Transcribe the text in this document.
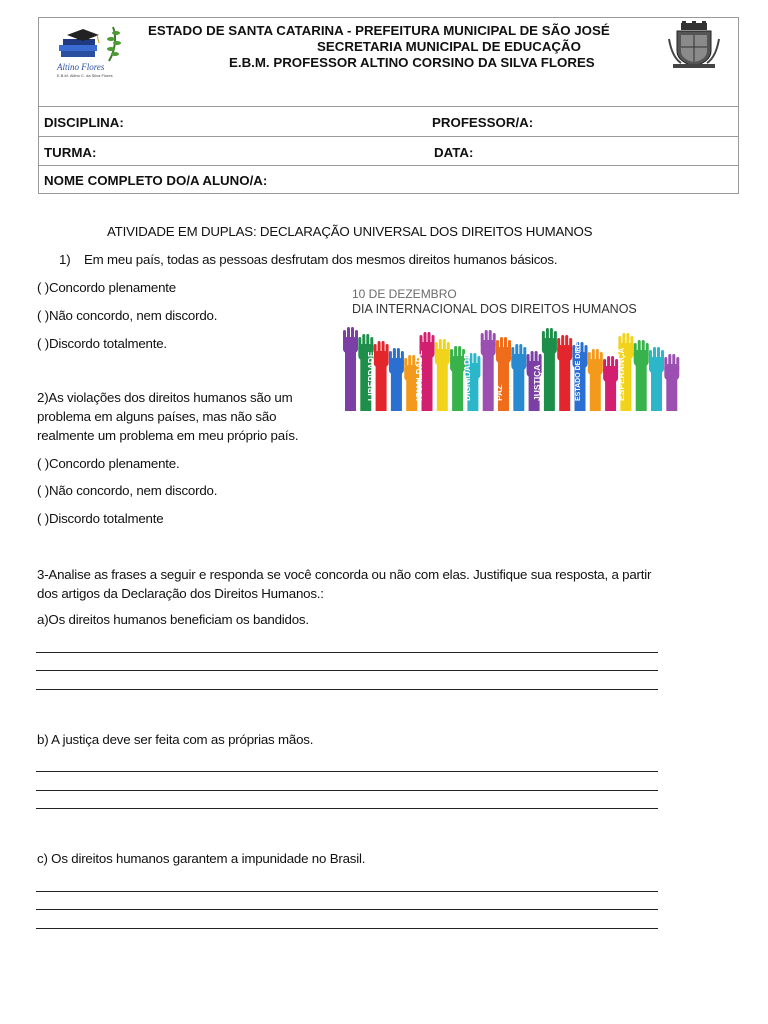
Altino Flores
E.B.M. Altino C. da Silva Flores
ESTADO DE SANTA CATARINA - PREFEITURA MUNICIPAL DE SÃO JOSÉ
SECRETARIA MUNICIPAL DE EDUCAÇÃO
E.B.M. PROFESSOR ALTINO CORSINO DA SILVA FLORES
DISCIPLINA:	PROFESSOR/A:
TURMA:	DATA:
NOME COMPLETO DO/A ALUNO/A:
ATIVIDADE EM DUPLAS: DECLARAÇÃO UNIVERSAL DOS DIREITOS HUMANOS
1) Em meu país, todas as pessoas desfrutam dos mesmos direitos humanos básicos.
( )Concordo plenamente
( )Não concordo, nem discordo.
( )Discordo totalmente.
10 DE DEZEMBRO
DIA INTERNACIONAL DOS DIREITOS HUMANOS
LIBERDADE	IGUALDADE	DIGNIDADE	PAZ	JUSTIÇA	ESTADO DE DIREITO	ESPERANÇA
2)As violações dos direitos humanos são um
problema em alguns países, mas não são
realmente um problema em meu próprio país.
( )Concordo plenamente.
( )Não concordo, nem discordo.
( )Discordo totalmente
3-Analise as frases a seguir e responda se você concorda ou não com elas. Justifique sua resposta, a partir
dos artigos da Declaração dos Direitos Humanos.:
a)Os direitos humanos beneficiam os bandidos.
b) A justiça deve ser feita com as próprias mãos.
c) Os direitos humanos garantem a impunidade no Brasil.
